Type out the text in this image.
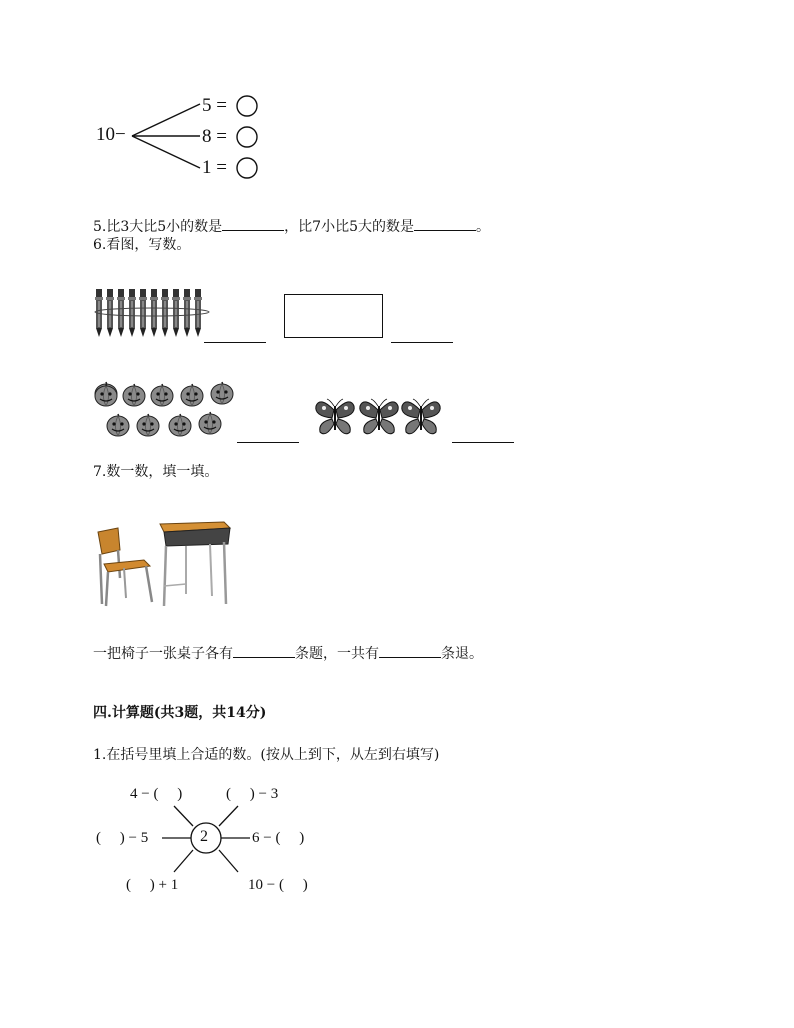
10−
5 =
8 =
1 =
5.比3大比5小的数是	，比7小比5大的数是	。
6.看图，写数。
7.数一数，填一填。
一把椅子一张桌子各有	条题，一共有	条退。
四.计算题(共3题，共14分)
1.在括号里填上合适的数。(按从上到下，从左到右填写)
2
4 − (     )	(     ) − 3
(     ) − 5	6 − (     )
(     ) + 1	10 − (     )
